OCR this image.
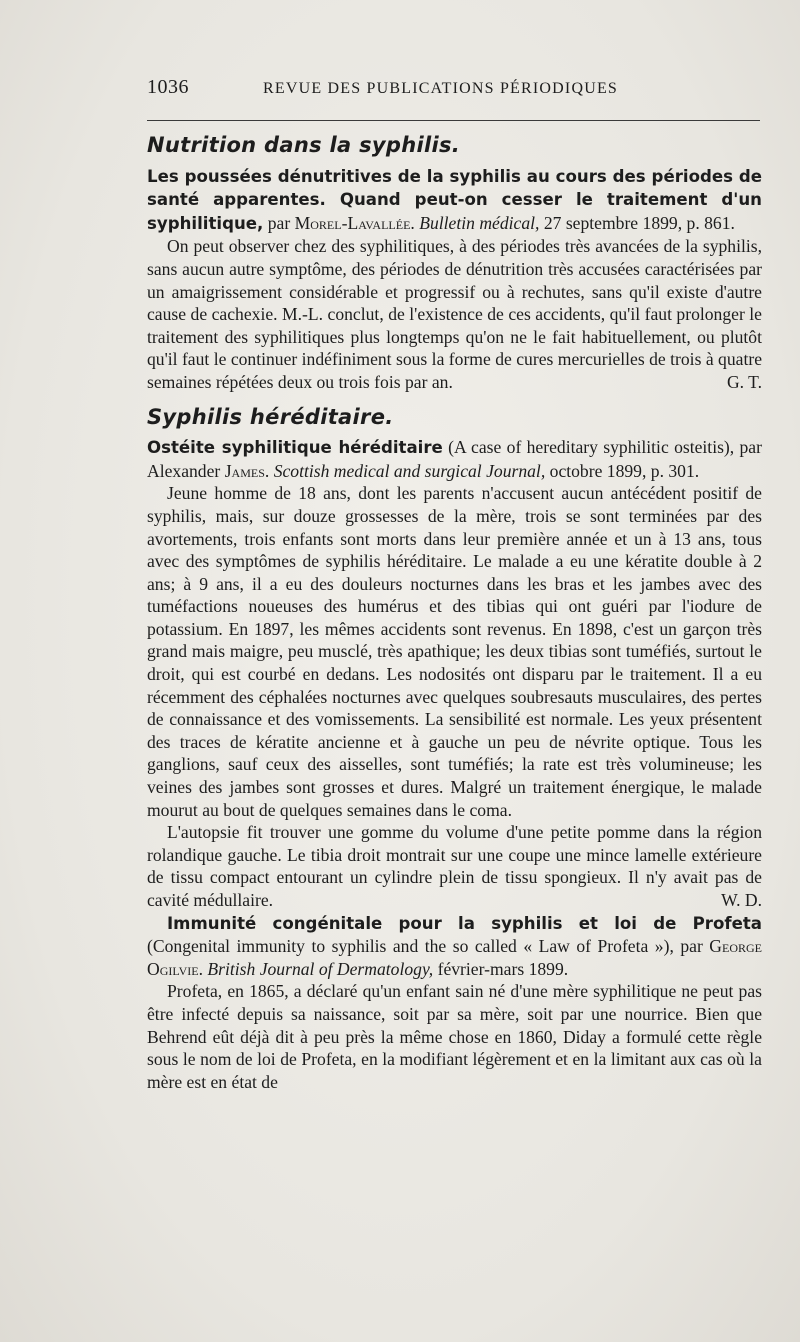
1036	REVUE DES PUBLICATIONS PÉRIODIQUES
Nutrition dans la syphilis.

Les poussées dénutritives de la syphilis au cours des périodes de santé apparentes. Quand peut-on cesser le traitement d'un syphilitique, par Morel-Lavallée. Bulletin médical, 27 septembre 1899, p. 861.

On peut observer chez des syphilitiques, à des périodes très avancées de la syphilis, sans aucun autre symptôme, des périodes de dénutrition très accusées caractérisées par un amaigrissement considérable et progressif ou à rechutes, sans qu'il existe d'autre cause de cachexie. M.-L. conclut, de l'existence de ces accidents, qu'il faut prolonger le traitement des syphilitiques plus longtemps qu'on ne le fait habituellement, ou plutôt qu'il faut le continuer indéfiniment sous la forme de cures mercurielles de trois à quatre semaines répétées deux ou trois fois par an.	G. T.

Syphilis héréditaire.

Ostéite syphilitique héréditaire (A case of hereditary syphilitic osteitis), par Alexander James. Scottish medical and surgical Journal, octobre 1899, p. 301.

Jeune homme de 18 ans, dont les parents n'accusent aucun antécédent positif de syphilis, mais, sur douze grossesses de la mère, trois se sont terminées par des avortements, trois enfants sont morts dans leur première année et un à 13 ans, tous avec des symptômes de syphilis héréditaire. Le malade a eu une kératite double à 2 ans; à 9 ans, il a eu des douleurs nocturnes dans les bras et les jambes avec des tuméfactions noueuses des humérus et des tibias qui ont guéri par l'iodure de potassium. En 1897, les mêmes accidents sont revenus. En 1898, c'est un garçon très grand mais maigre, peu musclé, très apathique; les deux tibias sont tuméfiés, surtout le droit, qui est courbé en dedans. Les nodosités ont disparu par le traitement. Il a eu récemment des céphalées nocturnes avec quelques soubresauts musculaires, des pertes de connaissance et des vomissements. La sensibilité est normale. Les yeux présentent des traces de kératite ancienne et à gauche un peu de névrite optique. Tous les ganglions, sauf ceux des aisselles, sont tuméfiés; la rate est très volumineuse; les veines des jambes sont grosses et dures. Malgré un traitement énergique, le malade mourut au bout de quelques semaines dans le coma.

L'autopsie fit trouver une gomme du volume d'une petite pomme dans la région rolandique gauche. Le tibia droit montrait sur une coupe une mince lamelle extérieure de tissu compact entourant un cylindre plein de tissu spongieux. Il n'y avait pas de cavité médullaire.	W. D.

Immunité congénitale pour la syphilis et loi de Profeta (Congenital immunity to syphilis and the so called « Law of Profeta »), par George Ogilvie. British Journal of Dermatology, février-mars 1899.

Profeta, en 1865, a déclaré qu'un enfant sain né d'une mère syphilitique ne peut pas être infecté depuis sa naissance, soit par sa mère, soit par une nourrice. Bien que Behrend eût déjà dit à peu près la même chose en 1860, Diday a formulé cette règle sous le nom de loi de Profeta, en la modifiant légèrement et en la limitant aux cas où la mère est en état de
